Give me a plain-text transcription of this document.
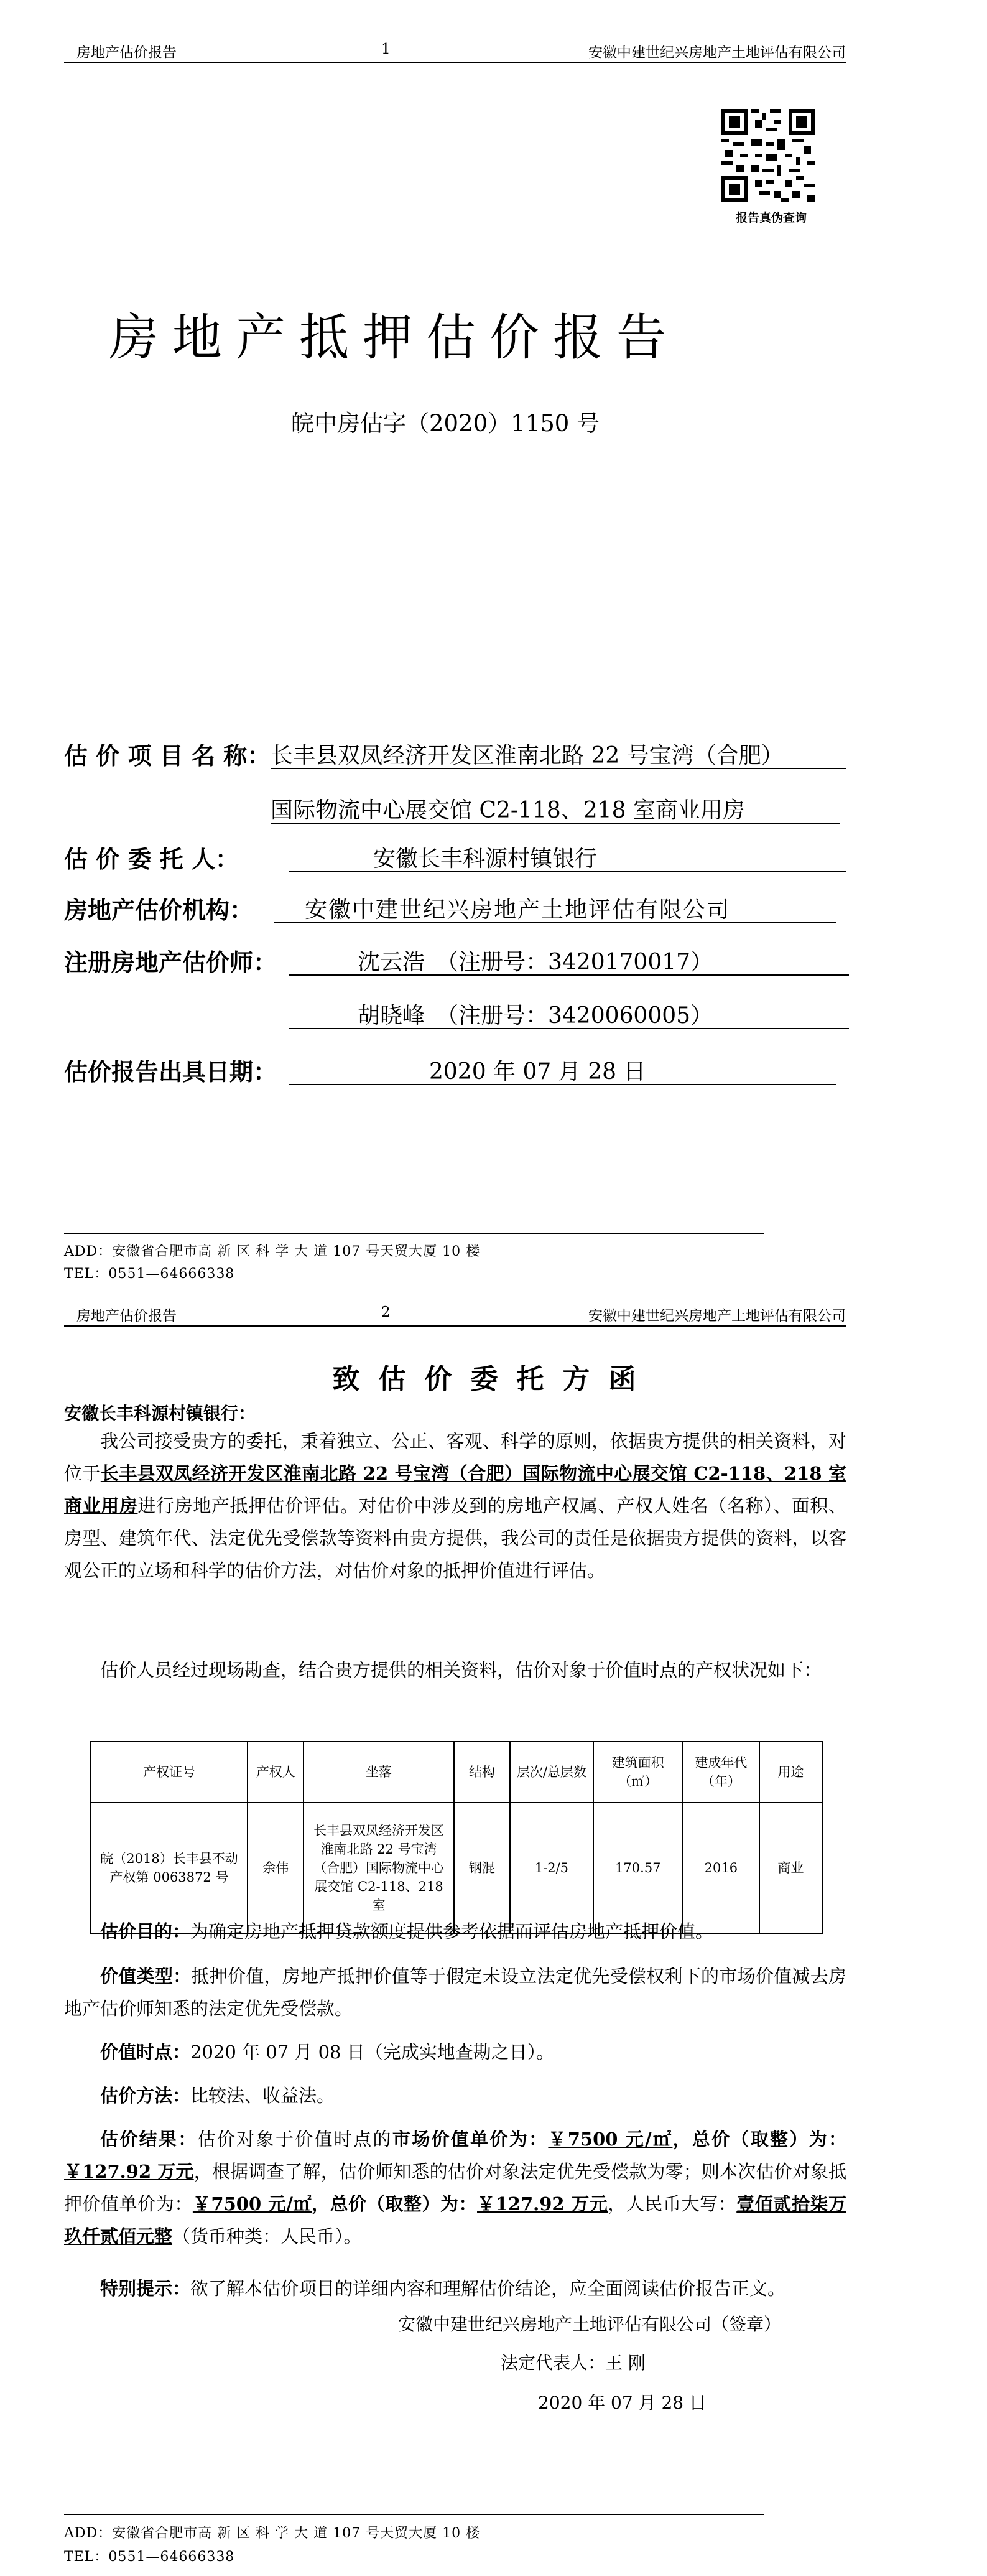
房地产估价报告	1	安徽中建世纪兴房地产土地评估有限公司
报告真伪查询
房地产抵押估价报告
皖中房估字（2020）1150 号
估 价 项 目 名 称： 长丰县双凤经济开发区淮南北路 22 号宝湾（合肥）
国际物流中心展交馆 C2-118、218 室商业用房
估 价 委 托 人：	安徽长丰科源村镇银行
房地产估价机构： 安徽中建世纪兴房地产土地评估有限公司
注册房地产估价师：	沈云浩　（注册号：3420170017）
胡晓峰　（注册号：3420060005）
估价报告出具日期：	2020 年 07 月 28 日
ADD：安徽省合肥市高 新 区 科 学 大 道 107 号天贸大厦 10 楼
TEL：0551—64666338
房地产估价报告	2	安徽中建世纪兴房地产土地评估有限公司
致估价委托方函
安徽长丰科源村镇银行：
我公司接受贵方的委托，秉着独立、公正、客观、科学的原则，依据贵方提供的相关资料，对位于长丰县双凤经济开发区淮南北路 22 号宝湾（合肥）国际物流中心展交馆 C2-118、218 室商业用房进行房地产抵押估价评估。对估价中涉及到的房地产权属、产权人姓名（名称）、面积、房型、建筑年代、法定优先受偿款等资料由贵方提供，我公司的责任是依据贵方提供的资料，以客观公正的立场和科学的估价方法，对估价对象的抵押价值进行评估。
估价人员经过现场勘查，结合贵方提供的相关资料，估价对象于价值时点的产权状况如下：
产权证号	产权人	坐落	结构	层次/总层数	建筑面积（㎡）	建成年代（年）	用途
皖（2018）长丰县不动产权第 0063872 号	余伟	长丰县双凤经济开发区淮南北路 22 号宝湾（合肥）国际物流中心展交馆 C2-118、218 室	钢混	1-2/5	170.57	2016	商业
估价目的：为确定房地产抵押贷款额度提供参考依据而评估房地产抵押价值。
价值类型：抵押价值，房地产抵押价值等于假定未设立法定优先受偿权利下的市场价值减去房地产估价师知悉的法定优先受偿款。
价值时点：2020 年 07 月 08 日（完成实地查勘之日）。
估价方法：比较法、收益法。
估价结果：估价对象于价值时点的市场价值单价为：￥7500 元/㎡，总价（取整）为：￥127.92 万元，根据调查了解，估价师知悉的估价对象法定优先受偿款为零；则本次估价对象抵押价值单价为：￥7500 元/㎡，总价（取整）为：￥127.92 万元，人民币大写：壹佰贰拾柒万玖仟贰佰元整（货币种类：人民币）。
特别提示：欲了解本估价项目的详细内容和理解估价结论，应全面阅读估价报告正文。
安徽中建世纪兴房地产土地评估有限公司（签章）
法定代表人：王 刚
2020 年 07 月 28 日
ADD：安徽省合肥市高 新 区 科 学 大 道 107 号天贸大厦 10 楼
TEL：0551—64666338
